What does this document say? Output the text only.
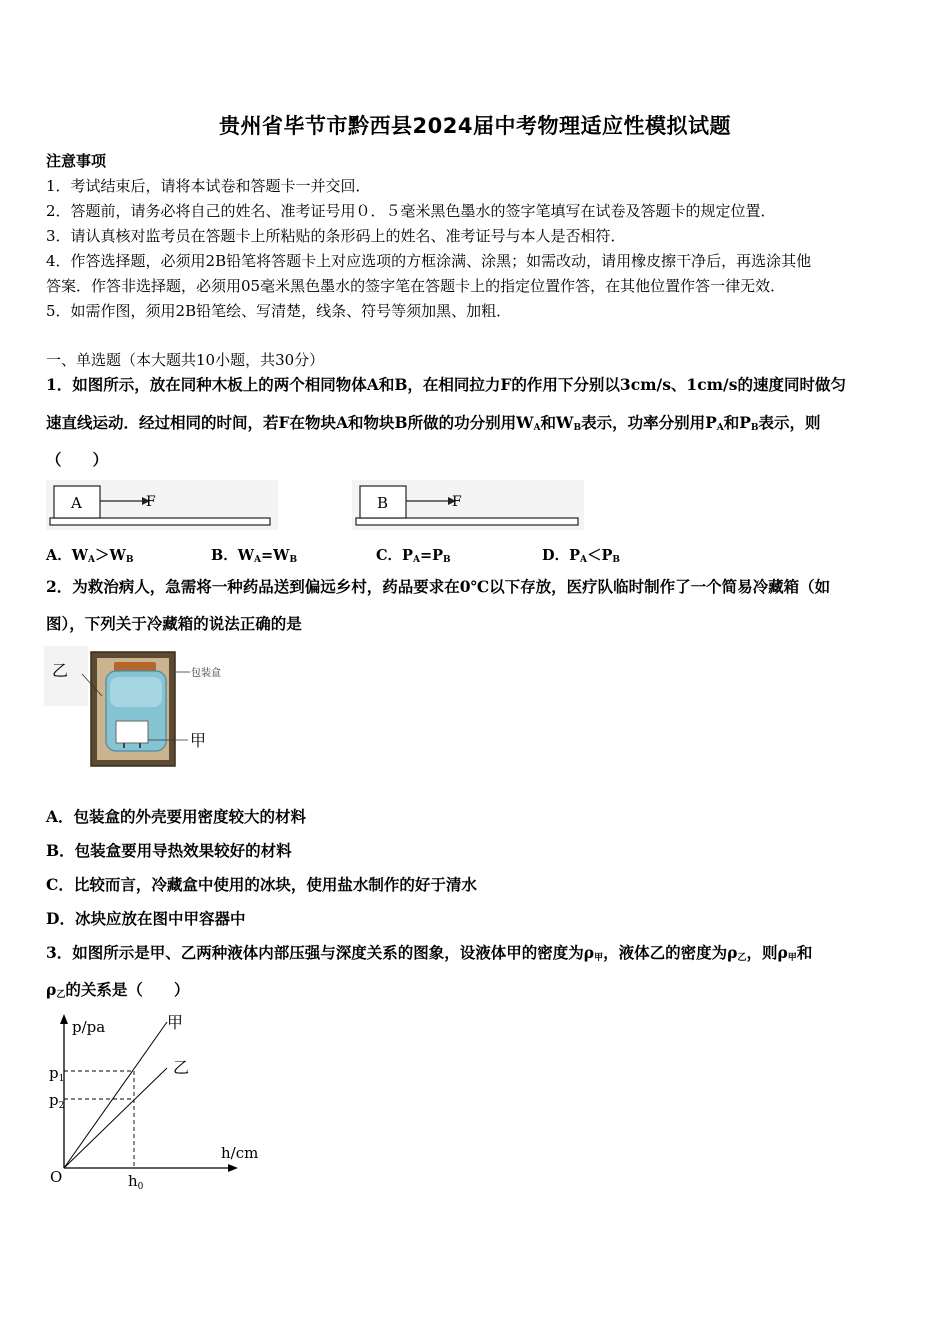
贵州省毕节市黔西县2024届中考物理适应性模拟试题
注意事项
1．考试结束后，请将本试卷和答题卡一并交回．
2．答题前，请务必将自己的姓名、准考证号用０．５毫米黑色墨水的签字笔填写在试卷及答题卡的规定位置．
3．请认真核对监考员在答题卡上所粘贴的条形码上的姓名、准考证号与本人是否相符．
4．作答选择题，必须用2B铅笔将答题卡上对应选项的方框涂满、涂黑；如需改动，请用橡皮擦干净后，再选涂其他
答案．作答非选择题，必须用05毫米黑色墨水的签字笔在答题卡上的指定位置作答，在其他位置作答一律无效．
5．如需作图，须用2B铅笔绘、写清楚，线条、符号等须加黑、加粗．
一、单选题（本大题共10小题，共30分）
1．如图所示，放在同种木板上的两个相同物体A和B，在相同拉力F的作用下分别以3cm/s、1cm/s的速度同时做匀
速直线运动．经过相同的时间，若F在物块A和物块B所做的功分别用$W_A$和$W_B$表示，功率分别用$P_A$和$P_B$表示，则
（　　）
A	F	B	F
A．$W_A>W_B$	B．$W_A=W_B$	C．$P_A=P_B$	D．$P_A<P_B$
2．为救治病人，急需将一种药品送到偏远乡村，药品要求在0℃以下存放，医疗队临时制作了一个简易冷藏箱（如
图），下列关于冷藏箱的说法正确的是
乙	包装盒
甲
A．包装盒的外壳要用密度较大的材料
B．包装盒要用导热效果较好的材料
C．比较而言，冷藏盒中使用的冰块，使用盐水制作的好于清水
D．冰块应放在图中甲容器中
3．如图所示是甲、乙两种液体内部压强与深度关系的图象，设液体甲的密度为$\rho_甲$，液体乙的密度为$\rho_乙$，则$\rho_甲$和
$\rho_乙$的关系是（　　）
p/pa
h/cm
O
甲
乙
$p_1$
$p_2$
$h_0$
